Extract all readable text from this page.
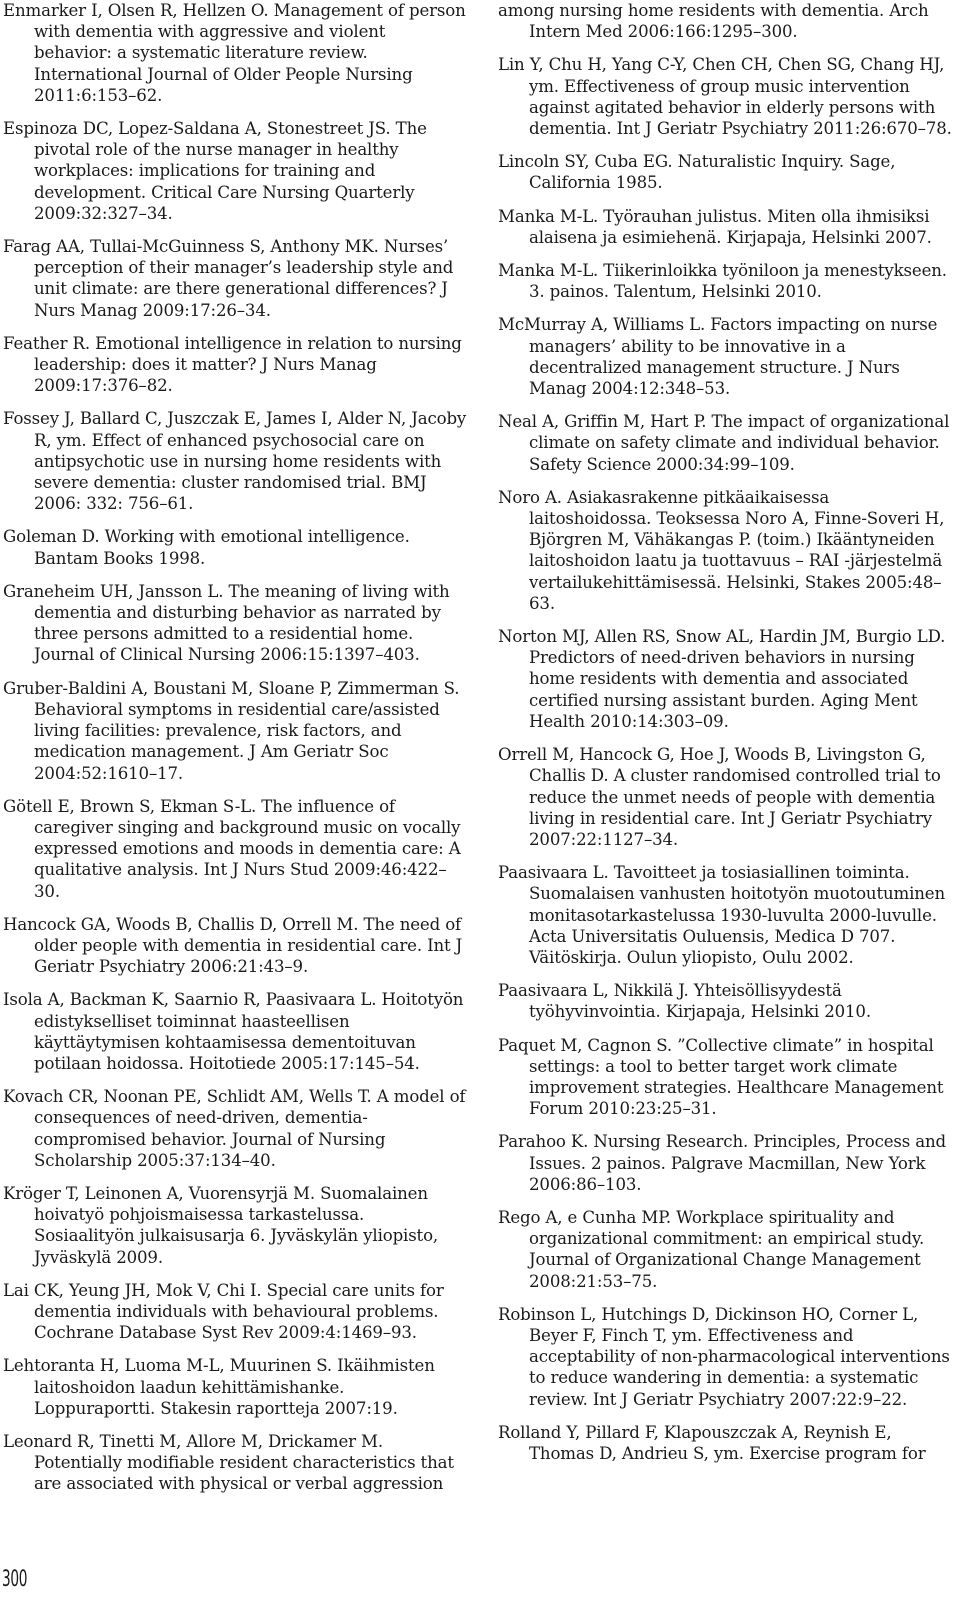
Enmarker I, Olsen R, Hellzen O. Management of person with dementia with aggressive and violent behavior: a systematic literature review. International Journal of Older People Nursing 2011:6:153–62.
Espinoza DC, Lopez-Saldana A, Stonestreet JS. The pivotal role of the nurse manager in healthy workplaces: implications for training and development. Critical Care Nursing Quarterly 2009:32:327–34.
Farag AA, Tullai-McGuinness S, Anthony MK. Nurses’ perception of their manager’s leadership style and unit climate: are there generational differences? J Nurs Manag 2009:17:26–34.
Feather R. Emotional intelligence in relation to nursing leadership: does it matter? J Nurs Manag 2009:17:376–82.
Fossey J, Ballard C, Juszczak E, James I, Alder N, Jacoby R, ym. Effect of enhanced psychosocial care on antipsychotic use in nursing home residents with severe dementia: cluster randomised trial. BMJ 2006: 332: 756–61.
Goleman D. Working with emotional intelligence. Bantam Books 1998.
Graneheim UH, Jansson L. The meaning of living with dementia and disturbing behavior as narrated by three persons admitted to a residential home. Journal of Clinical Nursing 2006:15:1397–403.
Gruber-Baldini A, Boustani M, Sloane P, Zimmerman S. Behavioral symptoms in residential care/assisted living facilities: prevalence, risk factors, and medication management. J Am Geriatr Soc 2004:52:1610–17.
Götell E, Brown S, Ekman S-L. The influence of caregiver singing and background music on vocally expressed emotions and moods in dementia care: A qualitative analysis. Int J Nurs Stud 2009:46:422–30.
Hancock GA, Woods B, Challis D, Orrell M. The need of older people with dementia in residential care. Int J Geriatr Psychiatry 2006:21:43–9.
Isola A, Backman K, Saarnio R, Paasivaara L. Hoitotyön edistykselliset toiminnat haasteellisen käyttäytymisen kohtaamisessa dementoituvan potilaan hoidossa. Hoitotiede 2005:17:145–54.
Kovach CR, Noonan PE, Schlidt AM, Wells T. A model of consequences of need-driven, dementia-compromised behavior. Journal of Nursing Scholarship 2005:37:134–40.
Kröger T, Leinonen A, Vuorensyrjä M. Suomalainen hoivatyö pohjoismaisessa tarkastelussa. Sosiaalityön julkaisusarja 6. Jyväskylän yliopisto, Jyväskylä 2009.
Lai CK, Yeung JH, Mok V, Chi I. Special care units for dementia individuals with behavioural problems. Cochrane Database Syst Rev 2009:4:1469–93.
Lehtoranta H, Luoma M-L, Muurinen S. Ikäihmisten laitoshoidon laadun kehittämishanke. Loppuraportti. Stakesin raportteja 2007:19.
Leonard R, Tinetti M, Allore M, Drickamer M. Potentially modifiable resident characteristics that are associated with physical or verbal aggression
among nursing home residents with dementia. Arch Intern Med 2006:166:1295–300.
Lin Y, Chu H, Yang C-Y, Chen CH, Chen SG, Chang HJ, ym. Effectiveness of group music intervention against agitated behavior in elderly persons with dementia. Int J Geriatr Psychiatry 2011:26:670–78.
Lincoln SY, Cuba EG. Naturalistic Inquiry. Sage, California 1985.
Manka M-L. Työrauhan julistus. Miten olla ihmisiksi alaisena ja esimiehenä. Kirjapaja, Helsinki 2007.
Manka M-L. Tiikerinloikka työniloon ja menestykseen. 3. painos. Talentum, Helsinki 2010.
McMurray A, Williams L. Factors impacting on nurse managers’ ability to be innovative in a decentralized management structure. J Nurs Manag 2004:12:348–53.
Neal A, Griffin M, Hart P. The impact of organizational climate on safety climate and individual behavior. Safety Science 2000:34:99–109.
Noro A. Asiakasrakenne pitkäaikaisessa laitoshoidossa. Teoksessa Noro A, Finne-Soveri H, Björgren M, Vähäkangas P. (toim.) Ikääntyneiden laitoshoidon laatu ja tuottavuus – RAI -järjestelmä vertailukehittämisessä. Helsinki, Stakes 2005:48–63.
Norton MJ, Allen RS, Snow AL, Hardin JM, Burgio LD. Predictors of need-driven behaviors in nursing home residents with dementia and associated certified nursing assistant burden. Aging Ment Health 2010:14:303–09.
Orrell M, Hancock G, Hoe J, Woods B, Livingston G, Challis D. A cluster randomised controlled trial to reduce the unmet needs of people with dementia living in residential care. Int J Geriatr Psychiatry 2007:22:1127–34.
Paasivaara L. Tavoitteet ja tosiasiallinen toiminta. Suomalaisen vanhusten hoitotyön muotoutuminen monitasotarkastelussa 1930-luvulta 2000-luvulle. Acta Universitatis Ouluensis, Medica D 707. Väitöskirja. Oulun yliopisto, Oulu 2002.
Paasivaara L, Nikkilä J. Yhteisöllisyydestä työhyvinvointia. Kirjapaja, Helsinki 2010.
Paquet M, Cagnon S. ”Collective climate” in hospital settings: a tool to better target work climate improvement strategies. Healthcare Management Forum 2010:23:25–31.
Parahoo K. Nursing Research. Principles, Process and Issues. 2 painos. Palgrave Macmillan, New York 2006:86–103.
Rego A, e Cunha MP. Workplace spirituality and organizational commitment: an empirical study. Journal of Organizational Change Management 2008:21:53–75.
Robinson L, Hutchings D, Dickinson HO, Corner L, Beyer F, Finch T, ym. Effectiveness and acceptability of non-pharmacological interventions to reduce wandering in dementia: a systematic review. Int J Geriatr Psychiatry 2007:22:9–22.
Rolland Y, Pillard F, Klapouszczak A, Reynish E, Thomas D, Andrieu S, ym. Exercise program for
300
